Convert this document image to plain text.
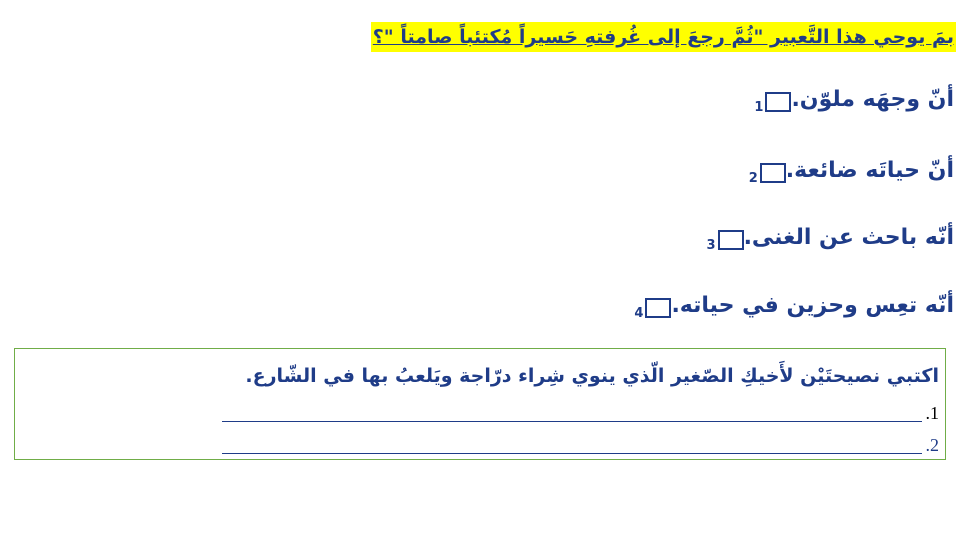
بمَ يوحي هذا التَّعبير "ثُمَّ رجعَ إلى غُرفتهِ حَسيراً مُكتئباً صامتاً "؟
أنّ وجهَه ملوّن.
1
أنّ حياتَه ضائعة.
2
أنّه باحث عن الغنى.
3
أنّه تعِس وحزين في حياته.
4
اكتبي نصيحتَيْن لأَخيكِ الصّغير الّذي ينوي شِراء درّاجة ويَلعبُ بها في الشّارع.
.1
.2
